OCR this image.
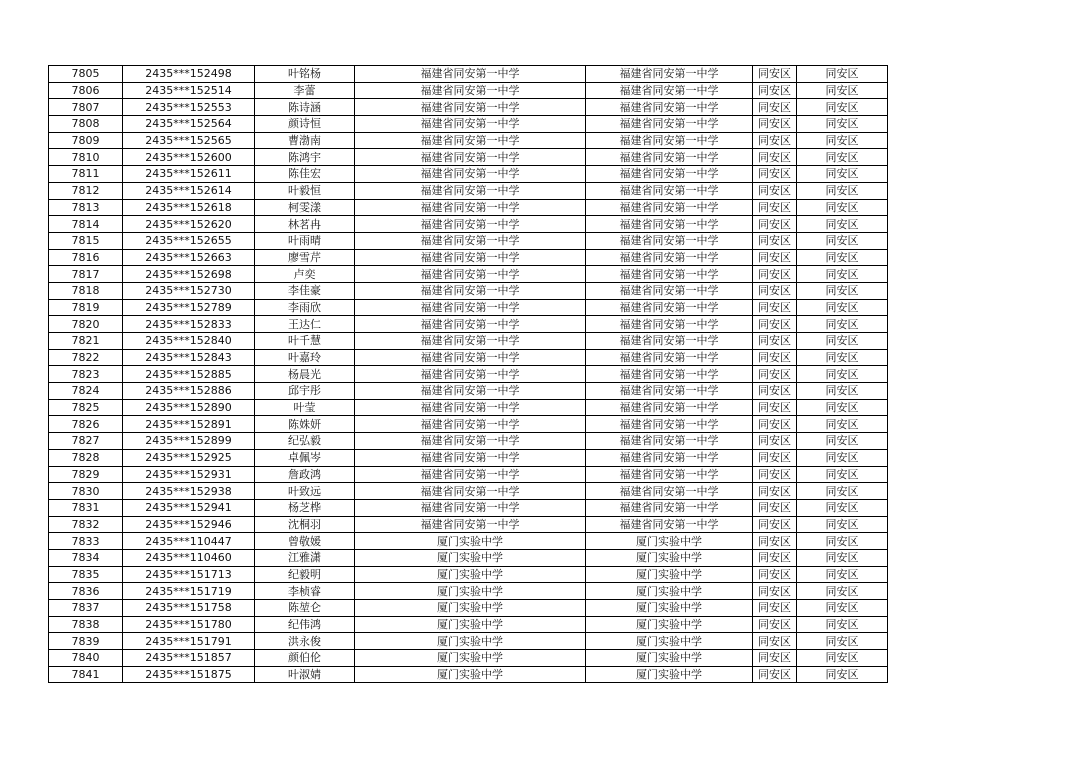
7805	2435***152498	叶铭杨	福建省同安第一中学	福建省同安第一中学	同安区	同安区
7806	2435***152514	李蕾	福建省同安第一中学	福建省同安第一中学	同安区	同安区
7807	2435***152553	陈诗涵	福建省同安第一中学	福建省同安第一中学	同安区	同安区
7808	2435***152564	颜诗恒	福建省同安第一中学	福建省同安第一中学	同安区	同安区
7809	2435***152565	曹渤南	福建省同安第一中学	福建省同安第一中学	同安区	同安区
7810	2435***152600	陈鸿宇	福建省同安第一中学	福建省同安第一中学	同安区	同安区
7811	2435***152611	陈佳宏	福建省同安第一中学	福建省同安第一中学	同安区	同安区
7812	2435***152614	叶毅恒	福建省同安第一中学	福建省同安第一中学	同安区	同安区
7813	2435***152618	柯雯漾	福建省同安第一中学	福建省同安第一中学	同安区	同安区
7814	2435***152620	林茗冉	福建省同安第一中学	福建省同安第一中学	同安区	同安区
7815	2435***152655	叶雨晴	福建省同安第一中学	福建省同安第一中学	同安区	同安区
7816	2435***152663	廖雪芹	福建省同安第一中学	福建省同安第一中学	同安区	同安区
7817	2435***152698	卢奕	福建省同安第一中学	福建省同安第一中学	同安区	同安区
7818	2435***152730	李佳豪	福建省同安第一中学	福建省同安第一中学	同安区	同安区
7819	2435***152789	李雨欣	福建省同安第一中学	福建省同安第一中学	同安区	同安区
7820	2435***152833	王达仁	福建省同安第一中学	福建省同安第一中学	同安区	同安区
7821	2435***152840	叶千慧	福建省同安第一中学	福建省同安第一中学	同安区	同安区
7822	2435***152843	叶嘉玲	福建省同安第一中学	福建省同安第一中学	同安区	同安区
7823	2435***152885	杨晨光	福建省同安第一中学	福建省同安第一中学	同安区	同安区
7824	2435***152886	邱宇彤	福建省同安第一中学	福建省同安第一中学	同安区	同安区
7825	2435***152890	叶莹	福建省同安第一中学	福建省同安第一中学	同安区	同安区
7826	2435***152891	陈姝妍	福建省同安第一中学	福建省同安第一中学	同安区	同安区
7827	2435***152899	纪弘毅	福建省同安第一中学	福建省同安第一中学	同安区	同安区
7828	2435***152925	卓佩岑	福建省同安第一中学	福建省同安第一中学	同安区	同安区
7829	2435***152931	詹政鸿	福建省同安第一中学	福建省同安第一中学	同安区	同安区
7830	2435***152938	叶致远	福建省同安第一中学	福建省同安第一中学	同安区	同安区
7831	2435***152941	杨芝桦	福建省同安第一中学	福建省同安第一中学	同安区	同安区
7832	2435***152946	沈桐羽	福建省同安第一中学	福建省同安第一中学	同安区	同安区
7833	2435***110447	曾敬媛	厦门实验中学	厦门实验中学	同安区	同安区
7834	2435***110460	江雅潇	厦门实验中学	厦门实验中学	同安区	同安区
7835	2435***151713	纪毅明	厦门实验中学	厦门实验中学	同安区	同安区
7836	2435***151719	李桢睿	厦门实验中学	厦门实验中学	同安区	同安区
7837	2435***151758	陈堃仑	厦门实验中学	厦门实验中学	同安区	同安区
7838	2435***151780	纪伟鸿	厦门实验中学	厦门实验中学	同安区	同安区
7839	2435***151791	洪永俊	厦门实验中学	厦门实验中学	同安区	同安区
7840	2435***151857	颜伯伦	厦门实验中学	厦门实验中学	同安区	同安区
7841	2435***151875	叶淑婧	厦门实验中学	厦门实验中学	同安区	同安区
